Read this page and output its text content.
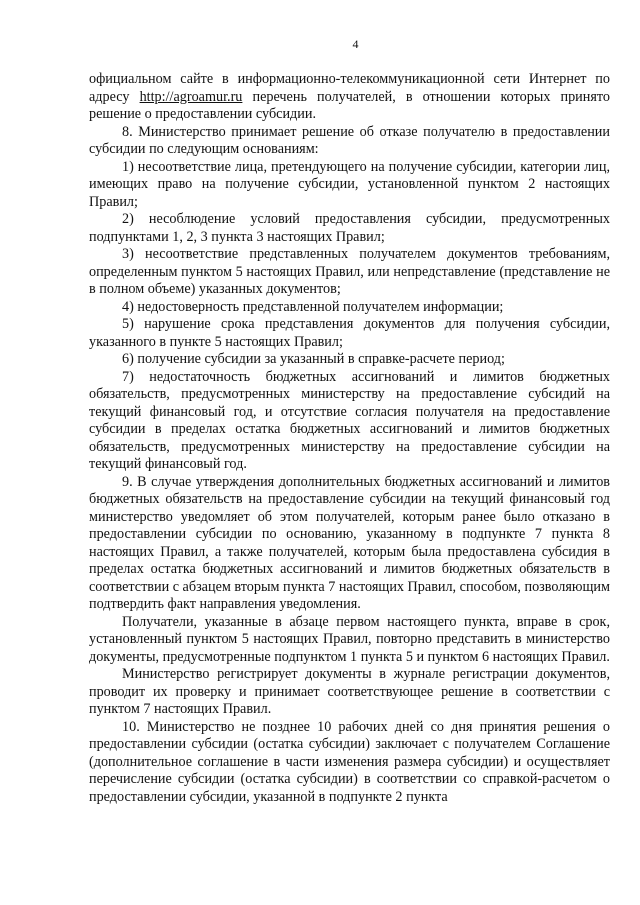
4

официальном сайте в информационно-телекоммуникационной сети Интернет по адресу http://agroamur.ru перечень получателей, в отношении которых принято решение о предоставлении субсидии.

8. Министерство принимает решение об отказе получателю в предоставлении субсидии по следующим основаниям:

1) несоответствие лица, претендующего на получение субсидии, категории лиц, имеющих право на получение субсидии, установленной пунктом 2 настоящих Правил;

2) несоблюдение условий предоставления субсидии, предусмотренных подпунктами 1, 2, 3 пункта 3 настоящих Правил;

3) несоответствие представленных получателем документов требованиям, определенным пунктом 5 настоящих Правил, или непредставление (представление не в полном объеме) указанных документов;

4) недостоверность представленной получателем информации;

5) нарушение срока представления документов для получения субсидии, указанного в пункте 5 настоящих Правил;

6) получение субсидии за указанный в справке-расчете период;

7) недостаточность бюджетных ассигнований и лимитов бюджетных обязательств, предусмотренных министерству на предоставление субсидий на текущий финансовый год, и отсутствие согласия получателя на предоставление субсидии в пределах остатка бюджетных ассигнований и лимитов бюджетных обязательств, предусмотренных министерству на предоставление субсидии на текущий финансовый год.

9. В случае утверждения дополнительных бюджетных ассигнований и лимитов бюджетных обязательств на предоставление субсидии на текущий финансовый год министерство уведомляет об этом получателей, которым ранее было отказано в предоставлении субсидии по основанию, указанному в подпункте 7 пункта 8 настоящих Правил, а также получателей, которым была предоставлена субсидия в пределах остатка бюджетных ассигнований и лимитов бюджетных обязательств в соответствии с абзацем вторым пункта 7 настоящих Правил, способом, позволяющим подтвердить факт направления уведомления.

Получатели, указанные в абзаце первом настоящего пункта, вправе в срок, установленный пунктом 5 настоящих Правил, повторно представить в министерство документы, предусмотренные подпунктом 1 пункта 5 и пунктом 6 настоящих Правил.

Министерство регистрирует документы в журнале регистрации документов, проводит их проверку и принимает соответствующее решение в соответствии с пунктом 7 настоящих Правил.

10. Министерство не позднее 10 рабочих дней со дня принятия решения о предоставлении субсидии (остатка субсидии) заключает с получателем Соглашение (дополнительное соглашение в части изменения размера субсидии) и осуществляет перечисление субсидии (остатка субсидии) в соответствии со справкой-расчетом о предоставлении субсидии, указанной в подпункте 2 пункта
